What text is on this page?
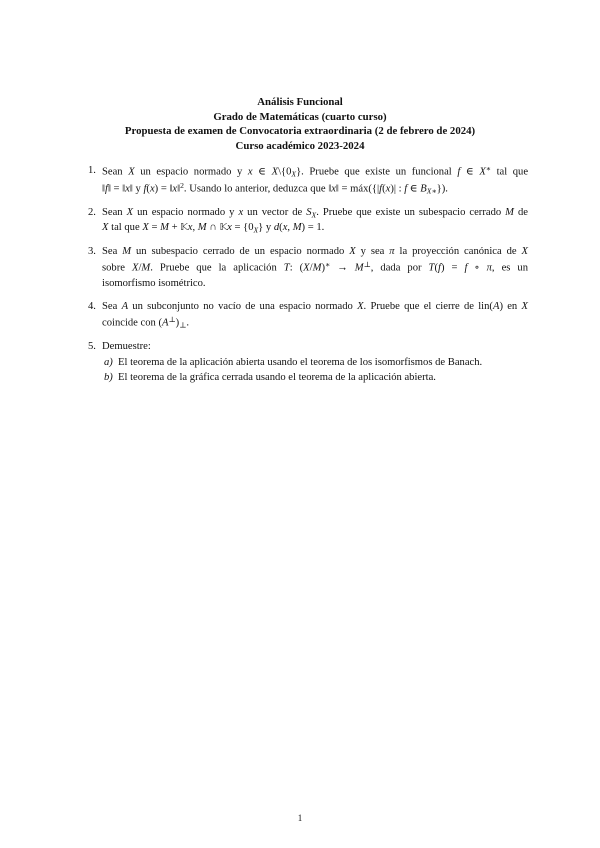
Análisis Funcional
Grado de Matemáticas (cuarto curso)
Propuesta de examen de Convocatoria extraordinaria (2 de febrero de 2024)
Curso académico 2023-2024
1. Sean X un espacio normado y x ∈ $X\backslash\{0_X\}$. Pruebe que existe un funcional f ∈ X∗ tal que
‖f‖ = ‖x‖ y f(x) = ‖x‖$^2$. Usando lo anterior, deduzca que ‖x‖ = máx({|f(x)| : f ∈ $B_{X∗}$}).
2. Sean X un espacio normado y x un vector de $S_X$. Pruebe que existe un subespacio cerrado M de
X tal que X = M + 𝕂x, M ∩ 𝕂x = $\{0_X\}$ y d(x, M) = 1.
3. Sea M un subespacio cerrado de un espacio normado X y sea π la proyección canónica de X
sobre X/M. Pruebe que la aplicación T: (X/M)∗ → M⊥, dada por T(f) = f ∘ π, es un
isomorfismo isométrico.
4. Sea A un subconjunto no vacío de una espacio normado X. Pruebe que el cierre de lin(A) en X
coincide con $(A^\perp)_\perp$.
5. Demuestre:
a) El teorema de la aplicación abierta usando el teorema de los isomorfismos de Banach.
b) El teorema de la gráfica cerrada usando el teorema de la aplicación abierta.
1
